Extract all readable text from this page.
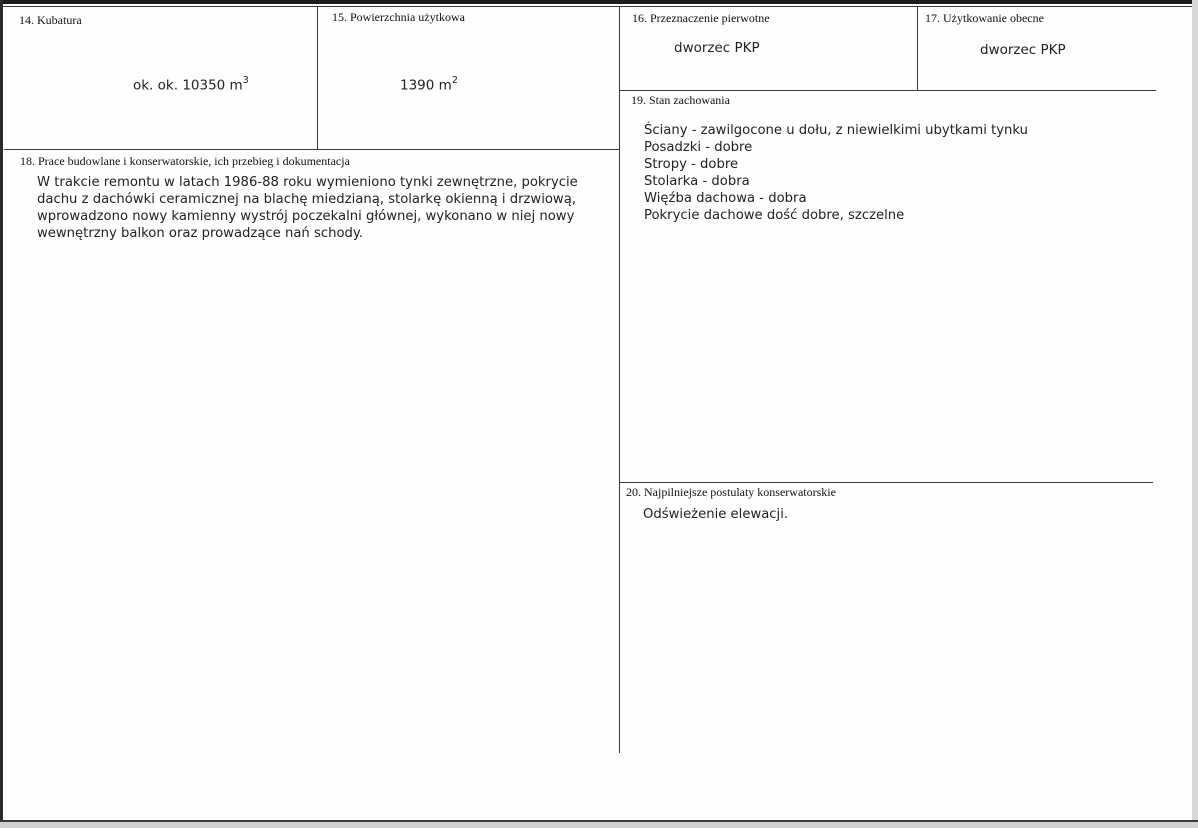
14. Kubatura
ok. ok. 10350 $m^3$
15. Powierzchnia użytkowa
1390 $m^2$
16. Przeznaczenie pierwotne
dworzec PKP
17. Użytkowanie obecne
dworzec PKP
18. Prace budowlane i konserwatorskie, ich przebieg i dokumentacja
W trakcie remontu w latach 1986-88 roku wymieniono tynki zewnętrzne, pokrycie
dachu z dachówki ceramicznej na blachę miedzianą, stolarkę okienną i drzwiową,
wprowadzono nowy kamienny wystrój poczekalni głównej, wykonano w niej nowy
wewnętrzny balkon oraz prowadzące nań schody.
19. Stan zachowania
Ściany - zawilgocone u dołu, z niewielkimi ubytkami tynku
Posadzki - dobre
Stropy - dobre
Stolarka - dobra
Więźba dachowa - dobra
Pokrycie dachowe dość dobre, szczelne
20. Najpilniejsze postulaty konserwatorskie
Odświeżenie elewacji.
